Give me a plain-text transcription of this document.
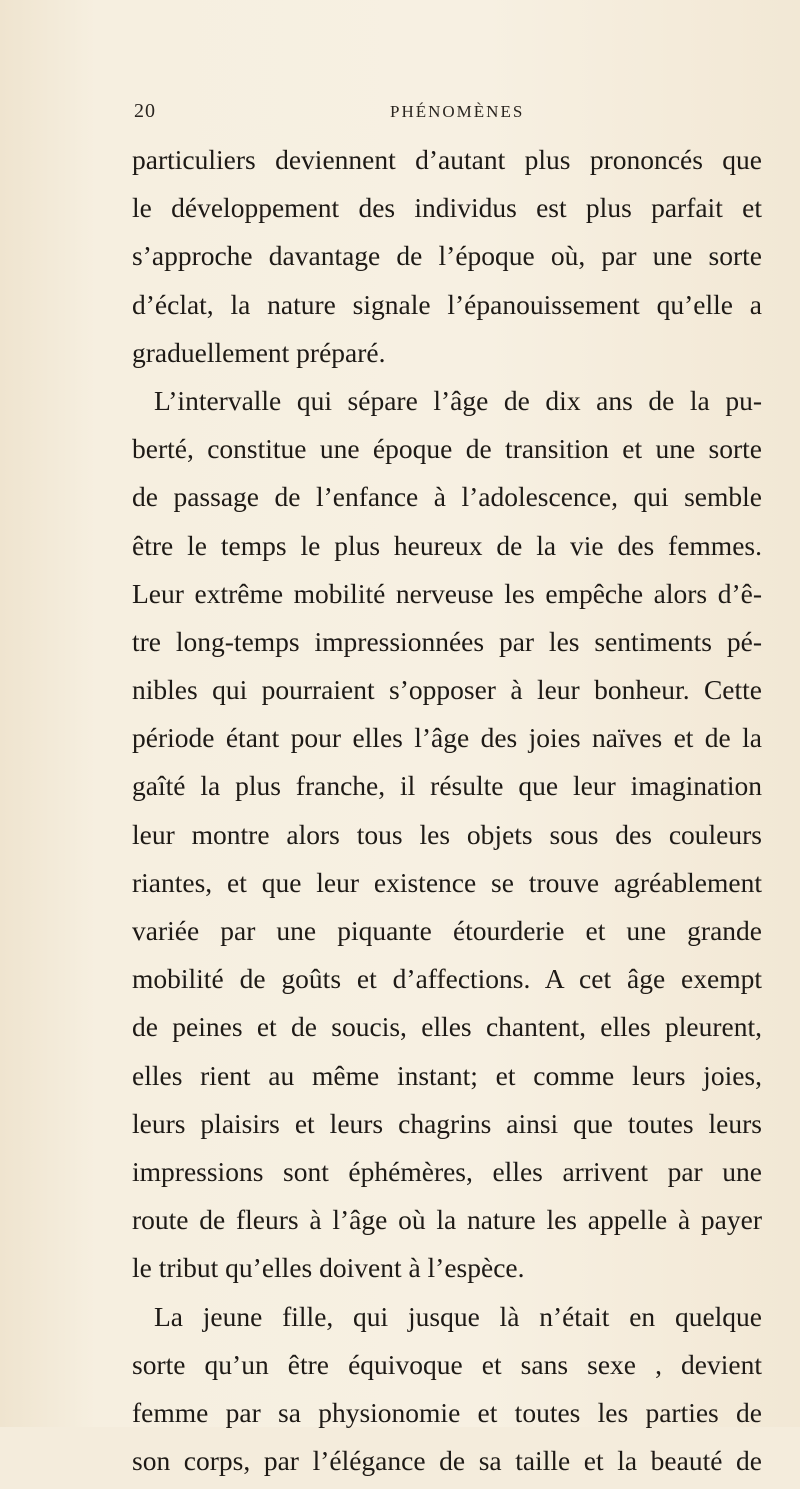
20	PHÉNOMÈNES
particuliers deviennent d’autant plus prononcés que
le développement des individus est plus parfait et
s’approche davantage de l’époque où, par une sorte
d’éclat, la nature signale l’épanouissement qu’elle a
graduellement préparé.
L’intervalle qui sépare l’âge de dix ans de la pu-
berté, constitue une époque de transition et une sorte
de passage de l’enfance à l’adolescence, qui semble
être le temps le plus heureux de la vie des femmes.
Leur extrême mobilité nerveuse les empêche alors d’ê-
tre long-temps impressionnées par les sentiments pé-
nibles qui pourraient s’opposer à leur bonheur. Cette
période étant pour elles l’âge des joies naïves et de la
gaîté la plus franche, il résulte que leur imagination
leur montre alors tous les objets sous des couleurs
riantes, et que leur existence se trouve agréablement
variée par une piquante étourderie et une grande
mobilité de goûts et d’affections. A cet âge exempt
de peines et de soucis, elles chantent, elles pleurent,
elles rient au même instant; et comme leurs joies,
leurs plaisirs et leurs chagrins ainsi que toutes leurs
impressions sont éphémères, elles arrivent par une
route de fleurs à l’âge où la nature les appelle à payer
le tribut qu’elles doivent à l’espèce.
La jeune fille, qui jusque là n’était en quelque
sorte qu’un être équivoque et sans sexe , devient
femme par sa physionomie et toutes les parties de
son corps, par l’élégance de sa taille et la beauté de
